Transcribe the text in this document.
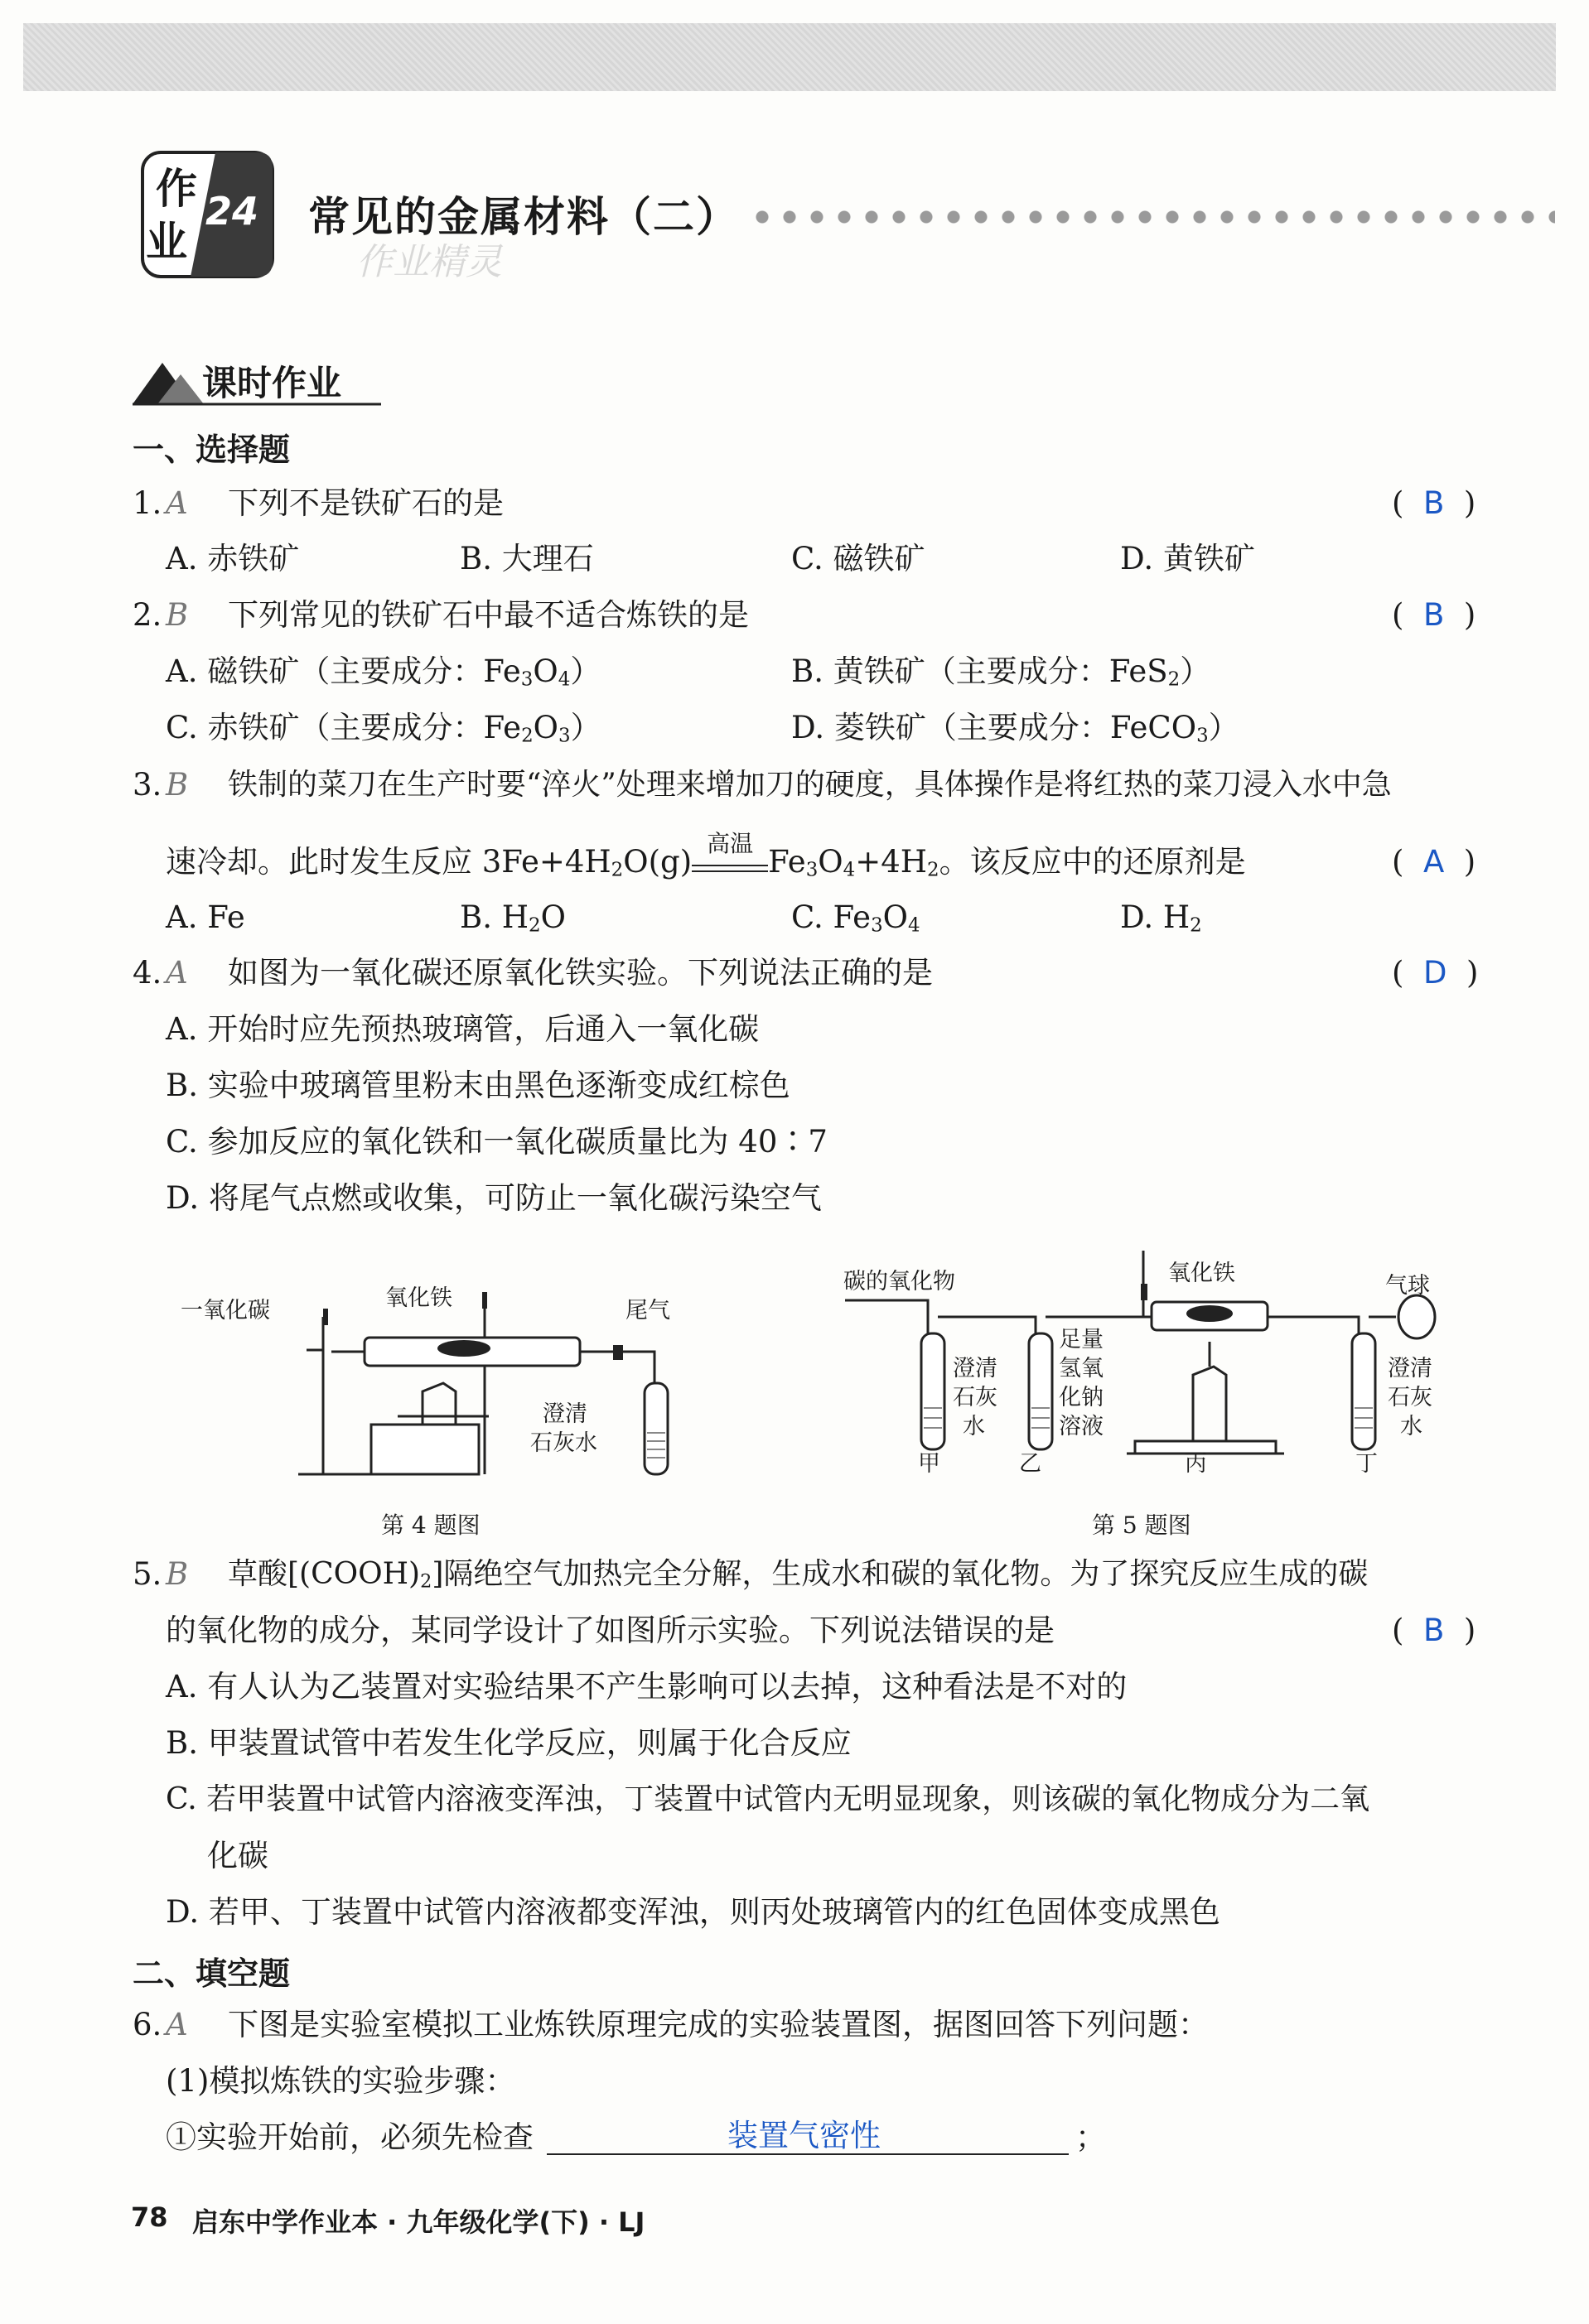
作
业
24 常见的金属材料（二）
作业精灵
课时作业
一、选择题
1. A 下列不是铁矿石的是	(  B  )
A. 赤铁矿	B. 大理石	C. 磁铁矿	D. 黄铁矿
2. B 下列常见的铁矿石中最不适合炼铁的是	(  B  )
A. 磁铁矿（主要成分：$Fe_3O_4$）	B. 黄铁矿（主要成分：FeS$_2$）
C. 赤铁矿（主要成分：$Fe_2O_3$）	D. 菱铁矿（主要成分：FeCO$_3$）
3. B 铁制的菜刀在生产时要“淬火”处理来增加刀的硬度，具体操作是将红热的菜刀浸入水中急
速冷却。此时发生反应 $3Fe+4H_2O(g)$
高温
$Fe_3O_4+4H_2$。该反应中的还原剂是	(  A  )
A. Fe	B. $H_2O$	C. $Fe_3O_4$	D. $H_2$
4. A 如图为一氧化碳还原氧化铁实验。下列说法正确的是	(  D  )
A. 开始时应先预热玻璃管，后通入一氧化碳
B. 实验中玻璃管里粉末由黑色逐渐变成红棕色
C. 参加反应的氧化铁和一氧化碳质量比为 40∶7
D. 将尾气点燃或收集，可防止一氧化碳污染空气
一氧化碳	氧化铁	尾气
澄清
石灰水
第 4 题图
碳的氧化物	氧化铁	气球
澄清
石灰
水
足量
氢氧
化钠
溶液
澄清
石灰
水
甲	乙	丙	丁
第 5 题图
5. B 草酸$[(COOH)_2]$隔绝空气加热完全分解，生成水和碳的氧化物。为了探究反应生成的碳
的氧化物的成分，某同学设计了如图所示实验。下列说法错误的是	(  B  )
A. 有人认为乙装置对实验结果不产生影响可以去掉，这种看法是不对的
B. 甲装置试管中若发生化学反应，则属于化合反应
C. 若甲装置中试管内溶液变浑浊，丁装置中试管内无明显现象，则该碳的氧化物成分为二氧
化碳
D. 若甲、丁装置中试管内溶液都变浑浊，则丙处玻璃管内的红色固体变成黑色
二、填空题
6. A 下图是实验室模拟工业炼铁原理完成的实验装置图，据图回答下列问题：
(1)模拟炼铁的实验步骤：
①实验开始前，必须先检查	装置气密性	；
78 启东中学作业本 · 九年级化学(下) · LJ
